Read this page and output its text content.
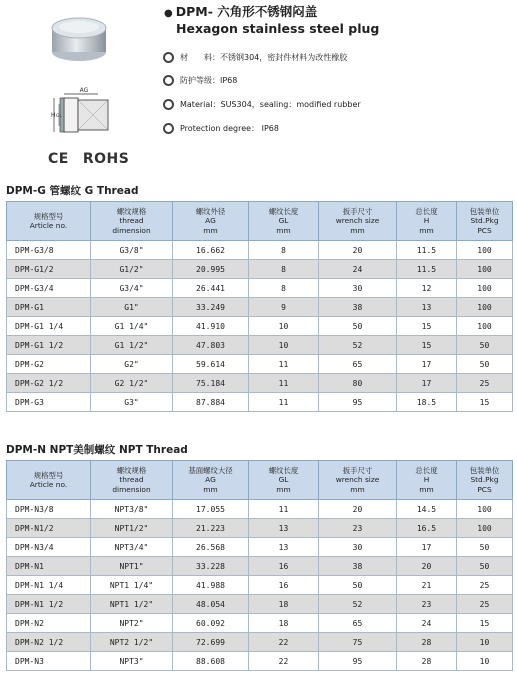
● DPM- 六角形不锈钢闷盖
Hexagon stainless steel plug
材　　料：不锈钢304，密封件材料为改性橡胶
防护等级：IP68
Material：SUS304，sealing：modified rubber
Protection degree： IP68
AG
H GL
CE ROHS
DPM-G 管螺纹 G Thread
规格型号
Article no.	螺纹规格
thread
dimension	螺纹外径
AG
mm	螺纹长度
GL
mm	扳手尺寸
wrench size
mm	总长度
H
mm	包装单位
Std.Pkg
PCS

DPM-G3/8	G3/8"	16.662	8	20	11.5	100
DPM-G1/2	G1/2"	20.995	8	24	11.5	100
DPM-G3/4	G3/4"	26.441	8	30	12	100
DPM-G1	G1"	33.249	9	38	13	100
DPM-G1 1/4	G1 1/4"	41.910	10	50	15	100
DPM-G1 1/2	G1 1/2"	47.803	10	52	15	50
DPM-G2	G2"	59.614	11	65	17	50
DPM-G2 1/2	G2 1/2"	75.184	11	80	17	25
DPM-G3	G3"	87.884	11	95	18.5	15
DPM-N NPT美制螺纹 NPT Thread
规格型号
Article no.	螺纹规格
thread
dimension	基面螺纹大径
AG
mm	螺纹长度
GL
mm	扳手尺寸
wrench size
mm	总长度
H
mm	包装单位
Std.Pkg
PCS

DPM-N3/8	NPT3/8"	17.055	11	20	14.5	100
DPM-N1/2	NPT1/2"	21.223	13	23	16.5	100
DPM-N3/4	NPT3/4"	26.568	13	30	17	50
DPM-N1	NPT1"	33.228	16	38	20	50
DPM-N1 1/4	NPT1 1/4"	41.988	16	50	21	25
DPM-N1 1/2	NPT1 1/2"	48.054	18	52	23	25
DPM-N2	NPT2"	60.092	18	65	24	15
DPM-N2 1/2	NPT2 1/2"	72.699	22	75	28	10
DPM-N3	NPT3"	88.608	22	95	28	10
